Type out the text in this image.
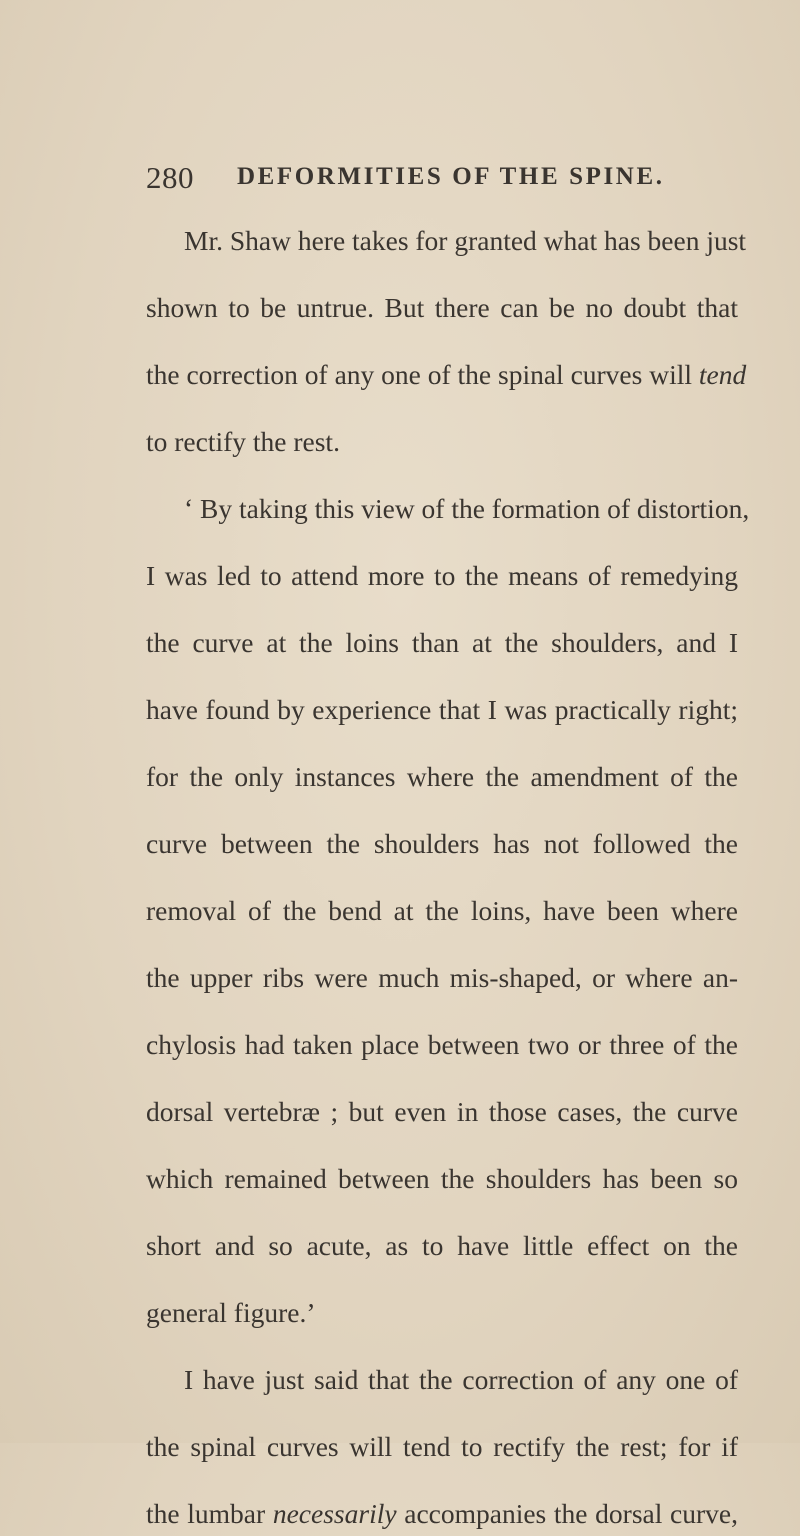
280 DEFORMITIES OF THE SPINE.
Mr. Shaw here takes for granted what has been just
shown to be untrue. But there can be no doubt that
the correction of any one of the spinal curves will tend
to rectify the rest.
‘ By taking this view of the formation of distortion,
I was led to attend more to the means of remedying
the curve at the loins than at the shoulders, and I
have found by experience that I was practically right;
for the only instances where the amendment of the
curve between the shoulders has not followed the
removal of the bend at the loins, have been where
the upper ribs were much mis-shaped, or where an-
chylosis had taken place between two or three of the
dorsal vertebræ ; but even in those cases, the curve
which remained between the shoulders has been so
short and so acute, as to have little effect on the
general figure.’
I have just said that the correction of any one of
the spinal curves will tend to rectify the rest; for if
the lumbar necessarily accompanies the dorsal curve,
